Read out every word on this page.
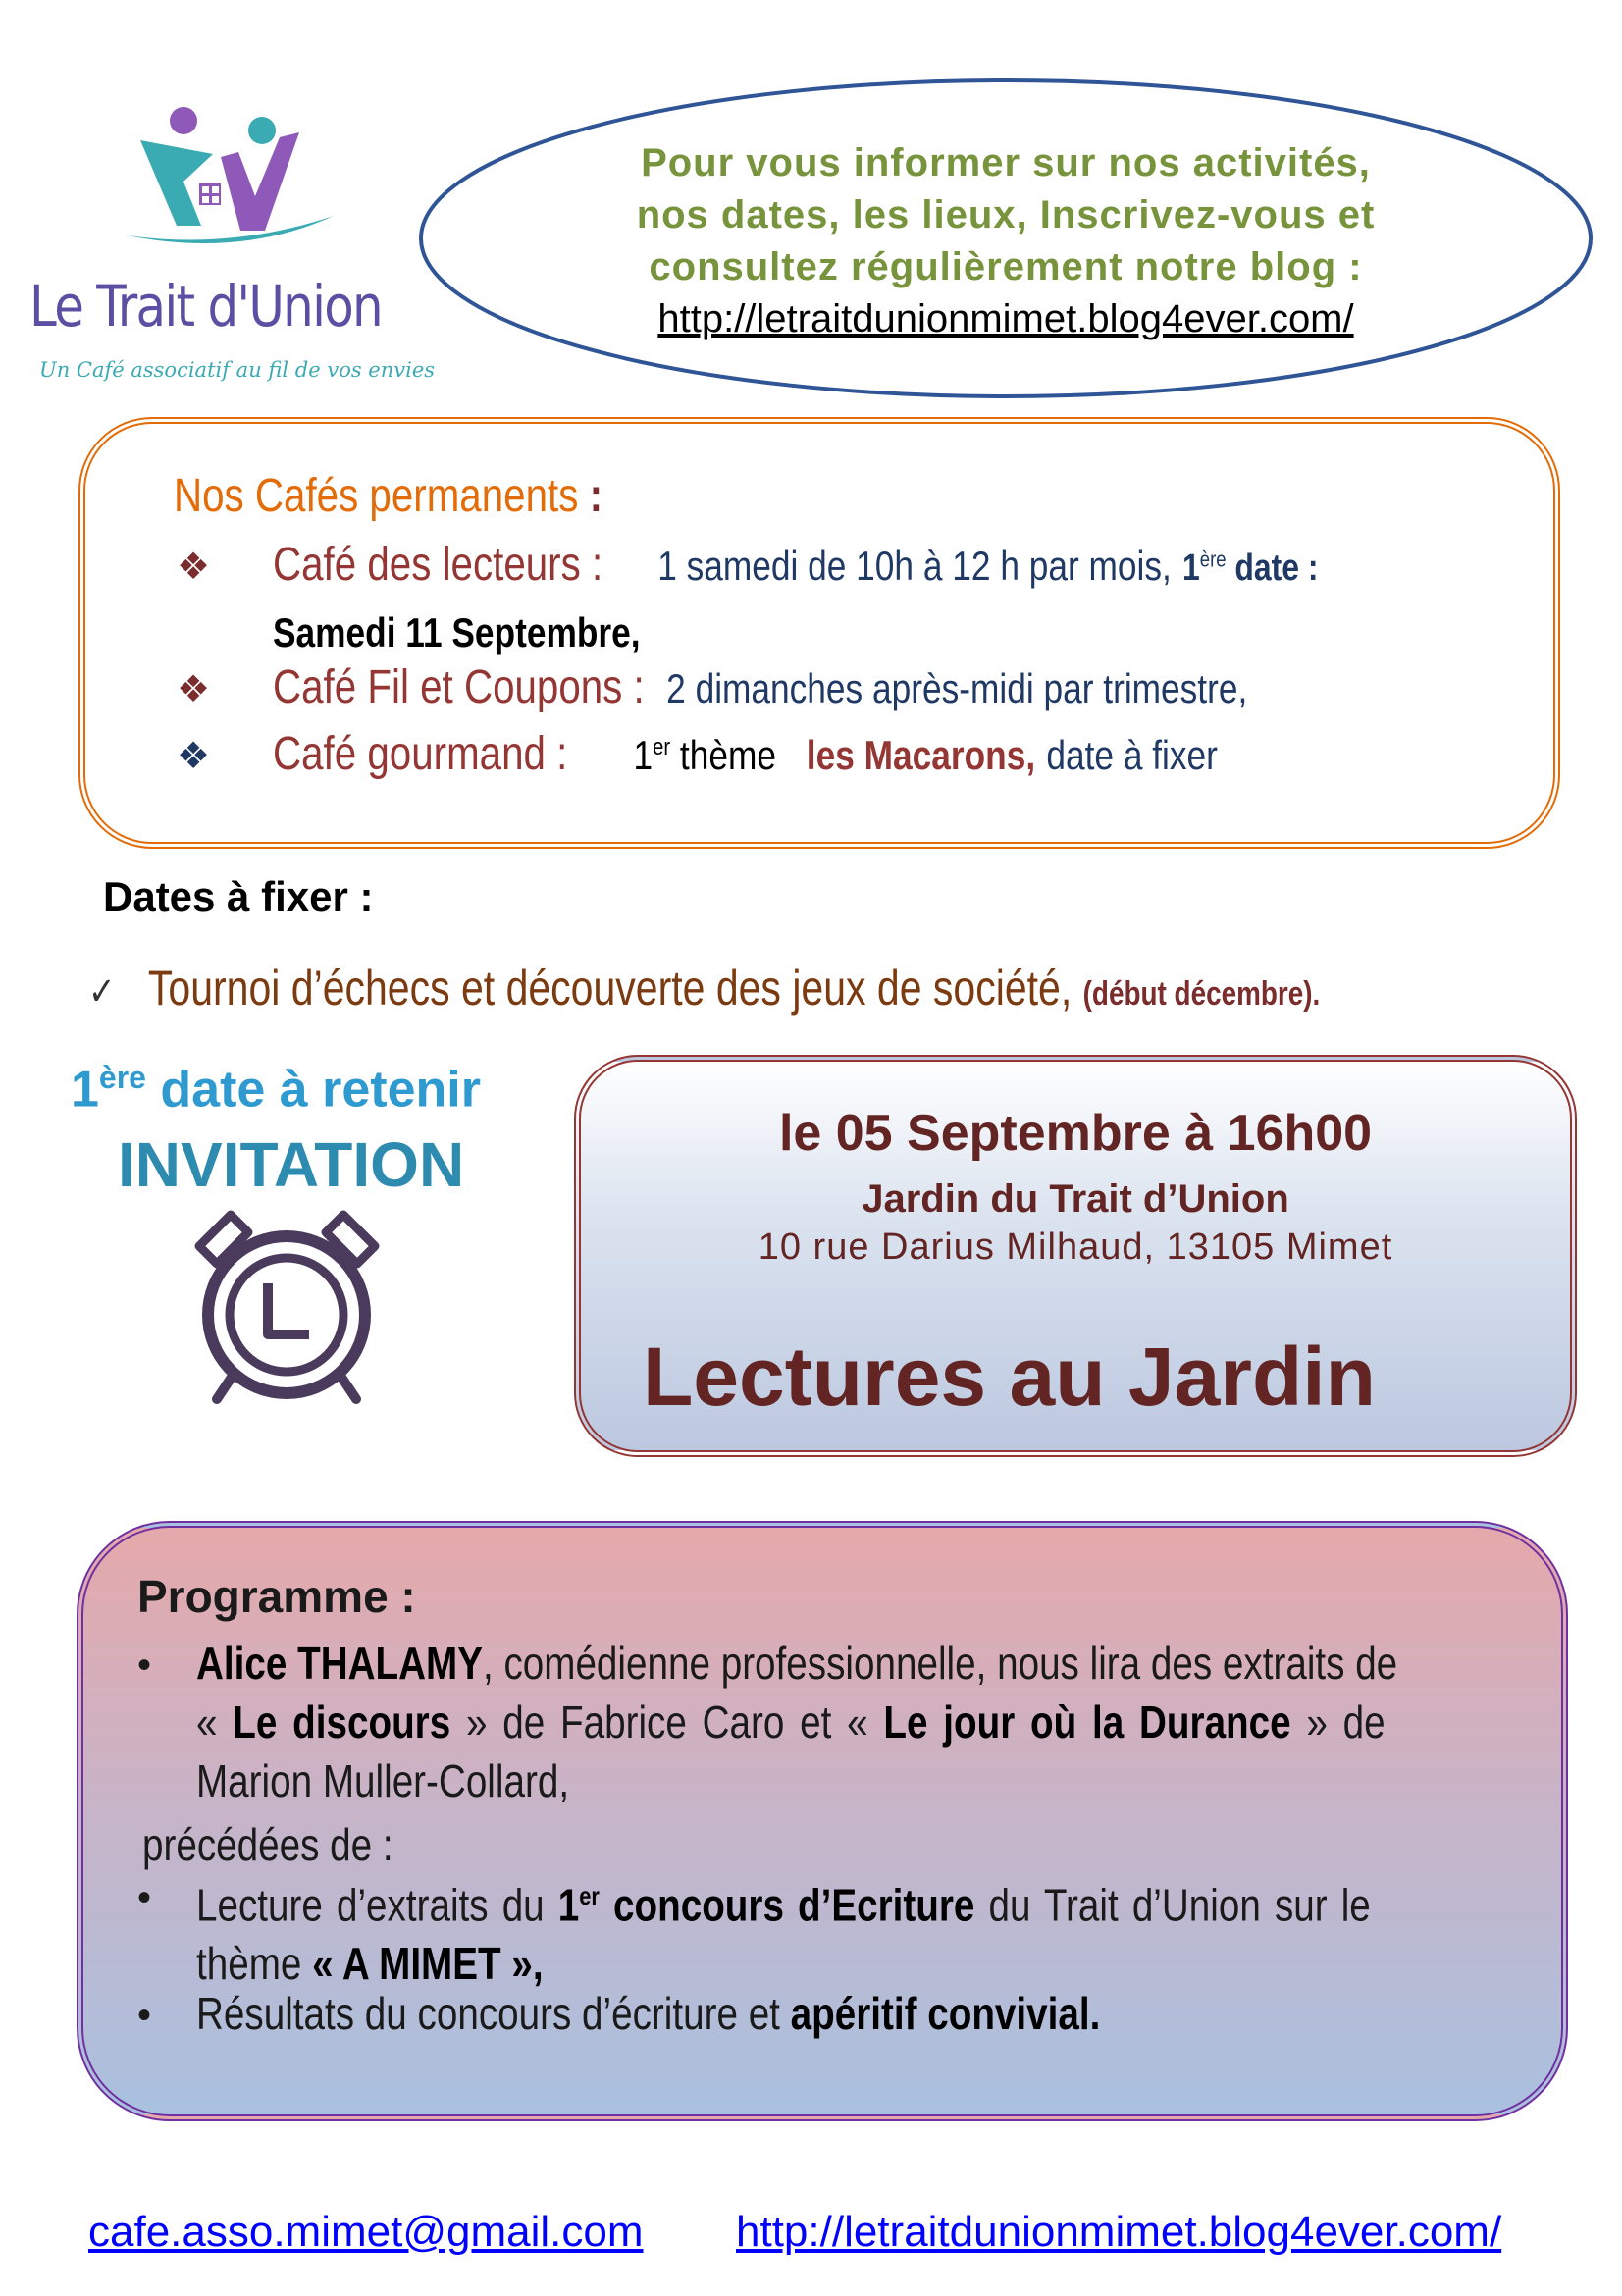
Le Trait d'Union
Un Café associatif au fil de vos envies
Pour vous informer sur nos activités,
nos dates, les lieux, Inscrivez-vous et
consultez régulièrement notre blog :
http://letraitdunionmimet.blog4ever.com/
Nos Cafés permanents :
❖ Café des lecteurs : 1 samedi de 10h à 12 h par mois, 1ère date :
Samedi 11 Septembre,
❖ Café Fil et Coupons : 2 dimanches après-midi par trimestre,
❖ Café gourmand : 1er thème les Macarons, date à fixer
Dates à fixer :
✓ Tournoi d’échecs et découverte des jeux de société, (début décembre).
1ère date à retenir
INVITATION	le 05 Septembre à 16h00
Jardin du Trait d’Union
10 rue Darius Milhaud, 13105 Mimet
Lectures au Jardin
Programme :
• Alice THALAMY, comédienne professionnelle, nous lira des extraits de
« Le discours » de Fabrice Caro et « Le jour où la Durance » de
Marion Muller-Collard,
précédées de :
• Lecture d’extraits du 1er concours d’Ecriture du Trait d’Union sur le
thème « A MIMET »,
• Résultats du concours d’écriture et apéritif convivial.
cafe.asso.mimet@gmail.com http://letraitdunionmimet.blog4ever.com/
